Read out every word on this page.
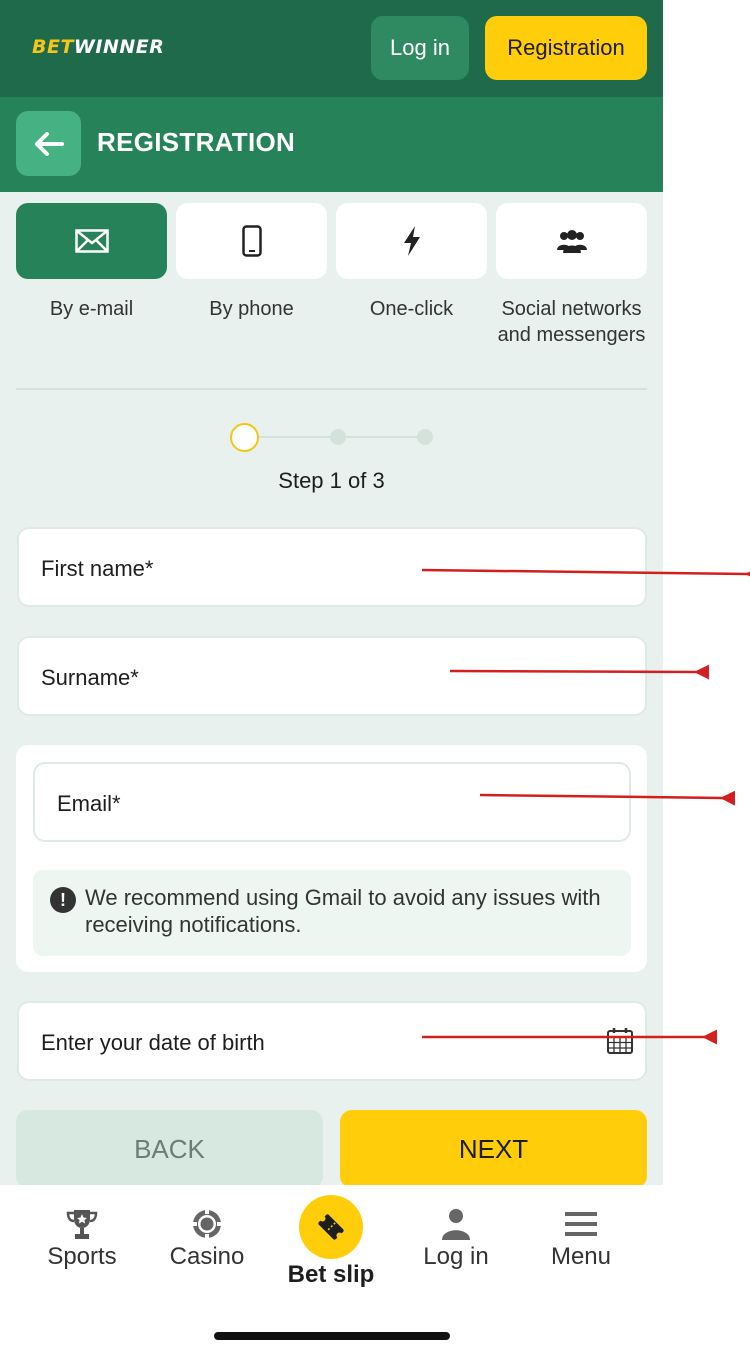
BETWINNER	Log in	Registration
REGISTRATION
By e-mail	By phone	One-click	Social networks and messengers
Step 1 of 3
First name*
Surname*
Email*
! We recommend using Gmail to avoid any issues with receiving notifications.
Enter your date of birth
BACK	NEXT
Sports	Casino
Bet slip
Log in	Menu
